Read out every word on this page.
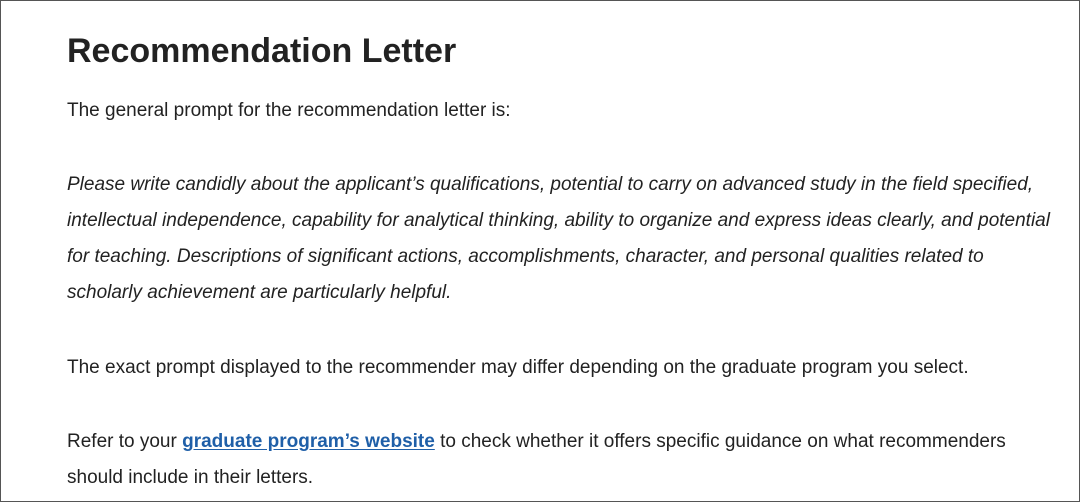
Recommendation Letter

The general prompt for the recommendation letter is:

Please write candidly about the applicant’s qualifications, potential to carry on advanced study in the field specified, intellectual independence, capability for analytical thinking, ability to organize and express ideas clearly, and potential for teaching. Descriptions of significant actions, accomplishments, character, and personal qualities related to scholarly achievement are particularly helpful.

The exact prompt displayed to the recommender may differ depending on the graduate program you select.

Refer to your graduate program’s website to check whether it offers specific guidance on what recommenders should include in their letters.
